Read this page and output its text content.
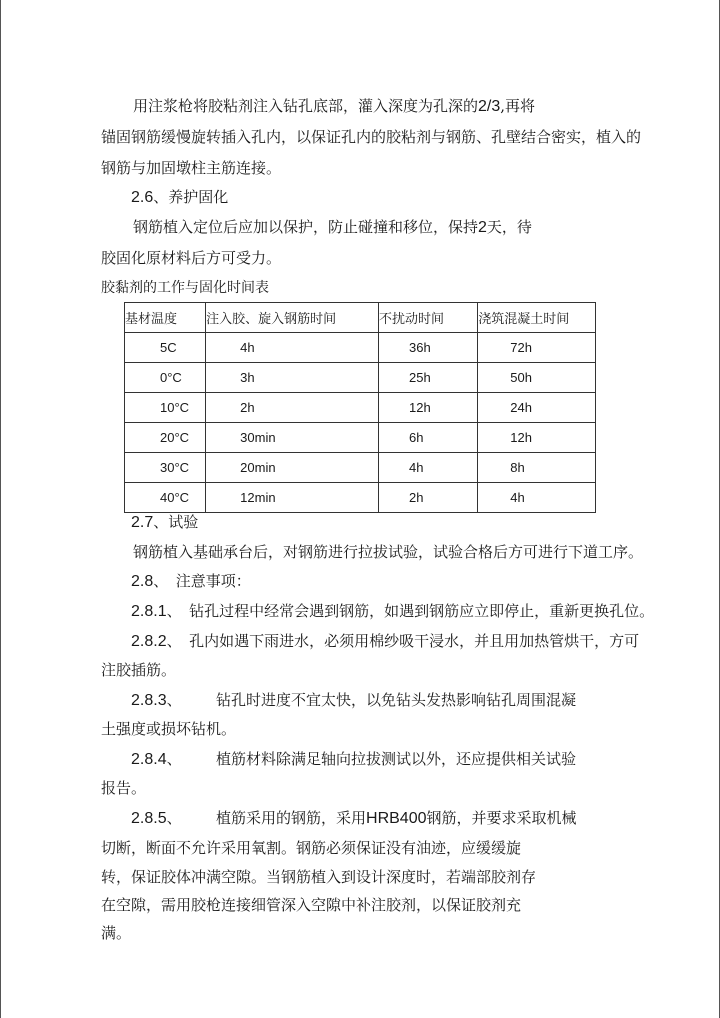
用注浆枪将胶粘剂注入钻孔底部，灌入深度为孔深的2/3,再将
锚固钢筋缓慢旋转插入孔内，以保证孔内的胶粘剂与钢筋、孔壁结合密实，植入的
钢筋与加固墩柱主筋连接。
2.6、养护固化
钢筋植入定位后应加以保护，防止碰撞和移位，保持2天，待
胶固化原材料后方可受力。
胶黏剂的工作与固化时间表
基材温度	注入胶、旋入钢筋时间	不扰动时间	浇筑混凝土时间
5C	4h	36h	72h
0°C	3h	25h	50h
10°C	2h	12h	24h
20°C	30min	6h	12h
30°C	20min	4h	8h
40°C	12min	2h	4h
2.7、试验
钢筋植入基础承台后，对钢筋进行拉拔试验，试验合格后方可进行下道工序。
2.8、　注意事项：
2.8.1、　钻孔过程中经常会遇到钢筋，如遇到钢筋应立即停止，重新更换孔位。
2.8.2、　孔内如遇下雨进水，必须用棉纱吸干浸水，并且用加热管烘干，方可
注胶插筋。
2.8.3、 钻孔时进度不宜太快，以免钻头发热影响钻孔周围混凝
土强度或损坏钻机。
2.8.4、 植筋材料除满足轴向拉拔测试以外，还应提供相关试验
报告。
2.8.5、 植筋采用的钢筋，采用HRB400钢筋，并要求采取机械
切断，断面不允许采用氧割。钢筋必须保证没有油迹，应缓缓旋
转，保证胶体冲满空隙。当钢筋植入到设计深度时，若端部胶剂存
在空隙，需用胶枪连接细管深入空隙中补注胶剂，以保证胶剂充
满。
